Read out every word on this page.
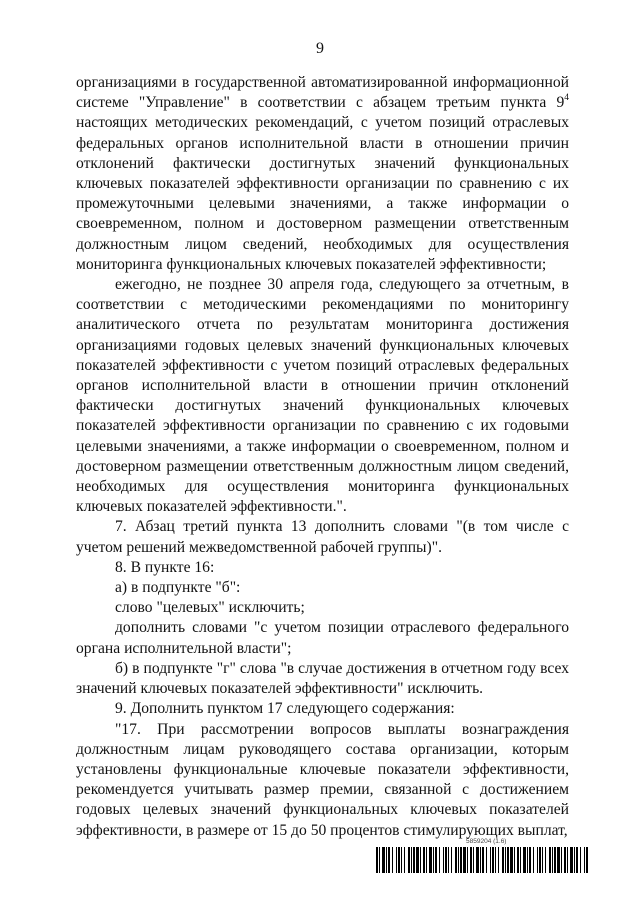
9

организациями в государственной автоматизированной информационной системе "Управление" в соответствии с абзацем третьим пункта $9^4$ настоящих методических рекомендаций, с учетом позиций отраслевых федеральных органов исполнительной власти в отношении причин отклонений фактически достигнутых значений функциональных ключевых показателей эффективности организации по сравнению с их промежуточными целевыми значениями, а также информации о своевременном, полном и достоверном размещении ответственным должностным лицом сведений, необходимых для осуществления мониторинга функциональных ключевых показателей эффективности;

ежегодно, не позднее 30 апреля года, следующего за отчетным, в соответствии с методическими рекомендациями по мониторингу аналитического отчета по результатам мониторинга достижения организациями годовых целевых значений функциональных ключевых показателей эффективности с учетом позиций отраслевых федеральных органов исполнительной власти в отношении причин отклонений фактически достигнутых значений функциональных ключевых показателей эффективности организации по сравнению с их годовыми целевыми значениями, а также информации о своевременном, полном и достоверном размещении ответственным должностным лицом сведений, необходимых для осуществления мониторинга функциональных ключевых показателей эффективности.".

7. Абзац третий пункта 13 дополнить словами "(в том числе с учетом решений межведомственной рабочей группы)".

8. В пункте 16:

а) в подпункте "б":

слово "целевых" исключить;

дополнить словами "с учетом позиции отраслевого федерального органа исполнительной власти";

б) в подпункте "г" слова "в случае достижения в отчетном году всех значений ключевых показателей эффективности" исключить.

9. Дополнить пунктом 17 следующего содержания:

"17. При рассмотрении вопросов выплаты вознаграждения должностным лицам руководящего состава организации, которым установлены функциональные ключевые показатели эффективности, рекомендуется учитывать размер премии, связанной с достижением годовых целевых значений функциональных ключевых показателей эффективности, в размере от 15 до 50 процентов стимулирующих выплат,

5859204 (1.6)
